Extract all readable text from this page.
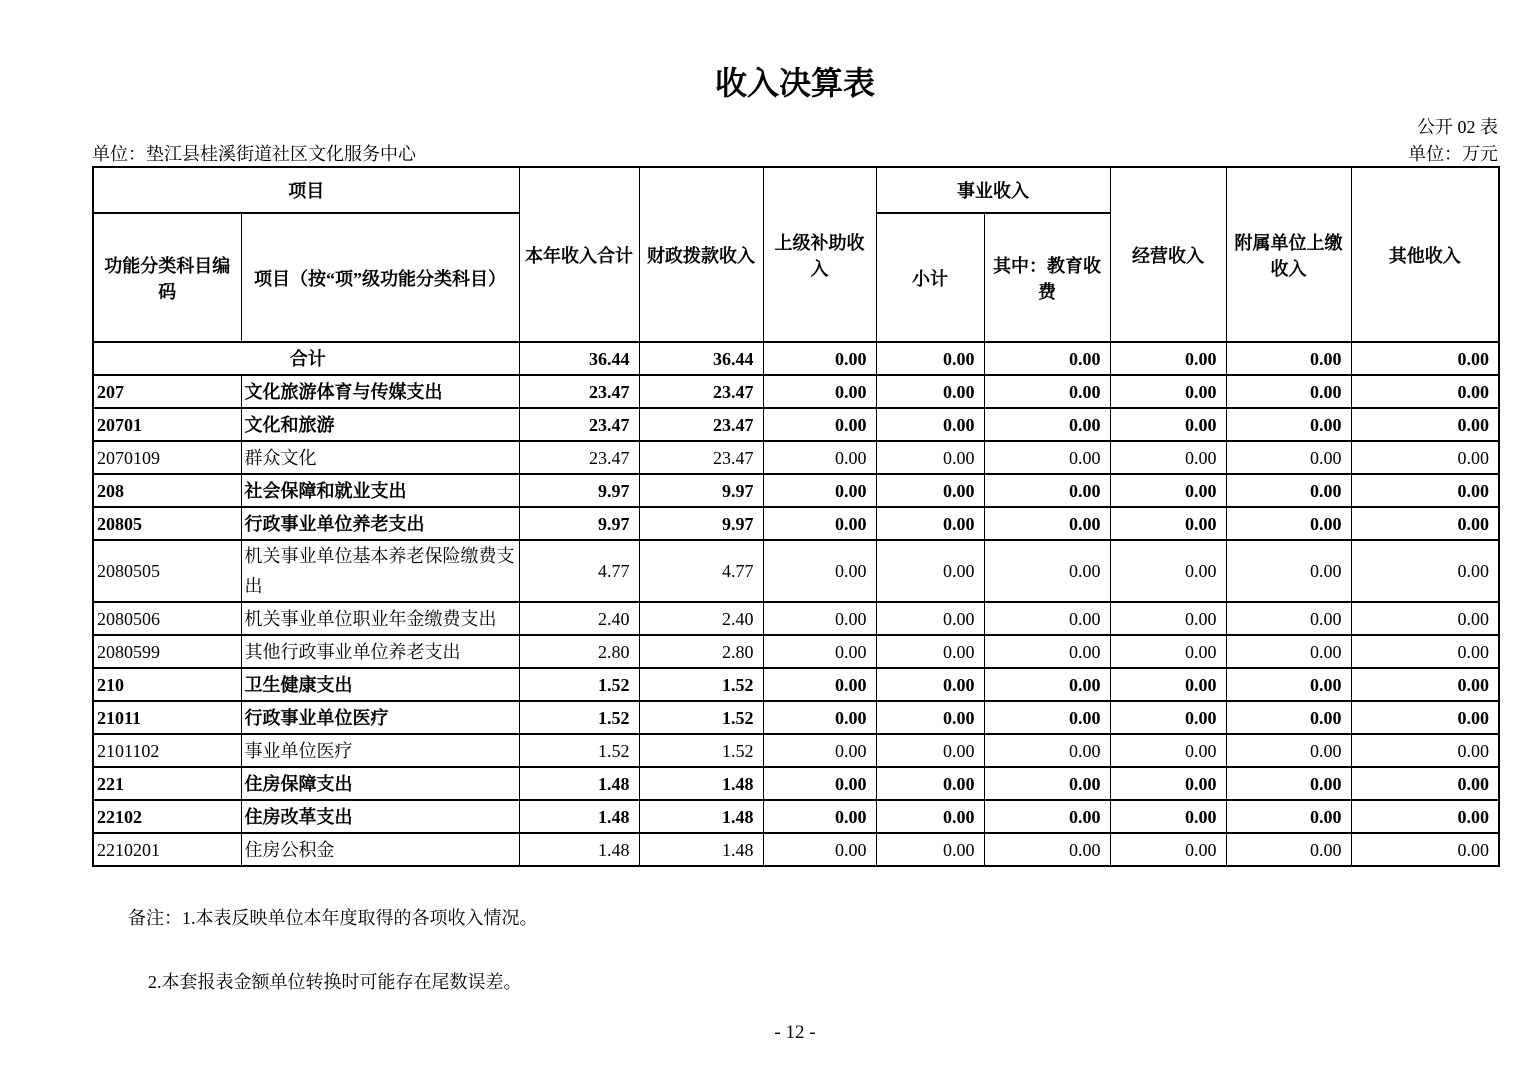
收入决算表
公开 02 表
单位：垫江县桂溪街道社区文化服务中心	单位：万元
项目		本年收入合计	财政拨款收入	上级补助收入	事业收入		经营收入	附属单位上缴收入	其他收入
功能分类科目编码	项目（按“项”级功能分类科目）				小计	其中：教育收费			
合计		36.44	36.44	0.00	0.00	0.00	0.00	0.00	0.00
207	文化旅游体育与传媒支出	23.47	23.47	0.00	0.00	0.00	0.00	0.00	0.00
20701	文化和旅游	23.47	23.47	0.00	0.00	0.00	0.00	0.00	0.00
2070109	群众文化	23.47	23.47	0.00	0.00	0.00	0.00	0.00	0.00
208	社会保障和就业支出	9.97	9.97	0.00	0.00	0.00	0.00	0.00	0.00
20805	行政事业单位养老支出	9.97	9.97	0.00	0.00	0.00	0.00	0.00	0.00
2080505	机关事业单位基本养老保险缴费支出	4.77	4.77	0.00	0.00	0.00	0.00	0.00	0.00
2080506	机关事业单位职业年金缴费支出	2.40	2.40	0.00	0.00	0.00	0.00	0.00	0.00
2080599	其他行政事业单位养老支出	2.80	2.80	0.00	0.00	0.00	0.00	0.00	0.00
210	卫生健康支出	1.52	1.52	0.00	0.00	0.00	0.00	0.00	0.00
21011	行政事业单位医疗	1.52	1.52	0.00	0.00	0.00	0.00	0.00	0.00
2101102	事业单位医疗	1.52	1.52	0.00	0.00	0.00	0.00	0.00	0.00
221	住房保障支出	1.48	1.48	0.00	0.00	0.00	0.00	0.00	0.00
22102	住房改革支出	1.48	1.48	0.00	0.00	0.00	0.00	0.00	0.00
2210201	住房公积金	1.48	1.48	0.00	0.00	0.00	0.00	0.00	0.00

备注：1.本表反映单位本年度取得的各项收入情况。

2.本套报表金额单位转换时可能存在尾数误差。
- 12 -
